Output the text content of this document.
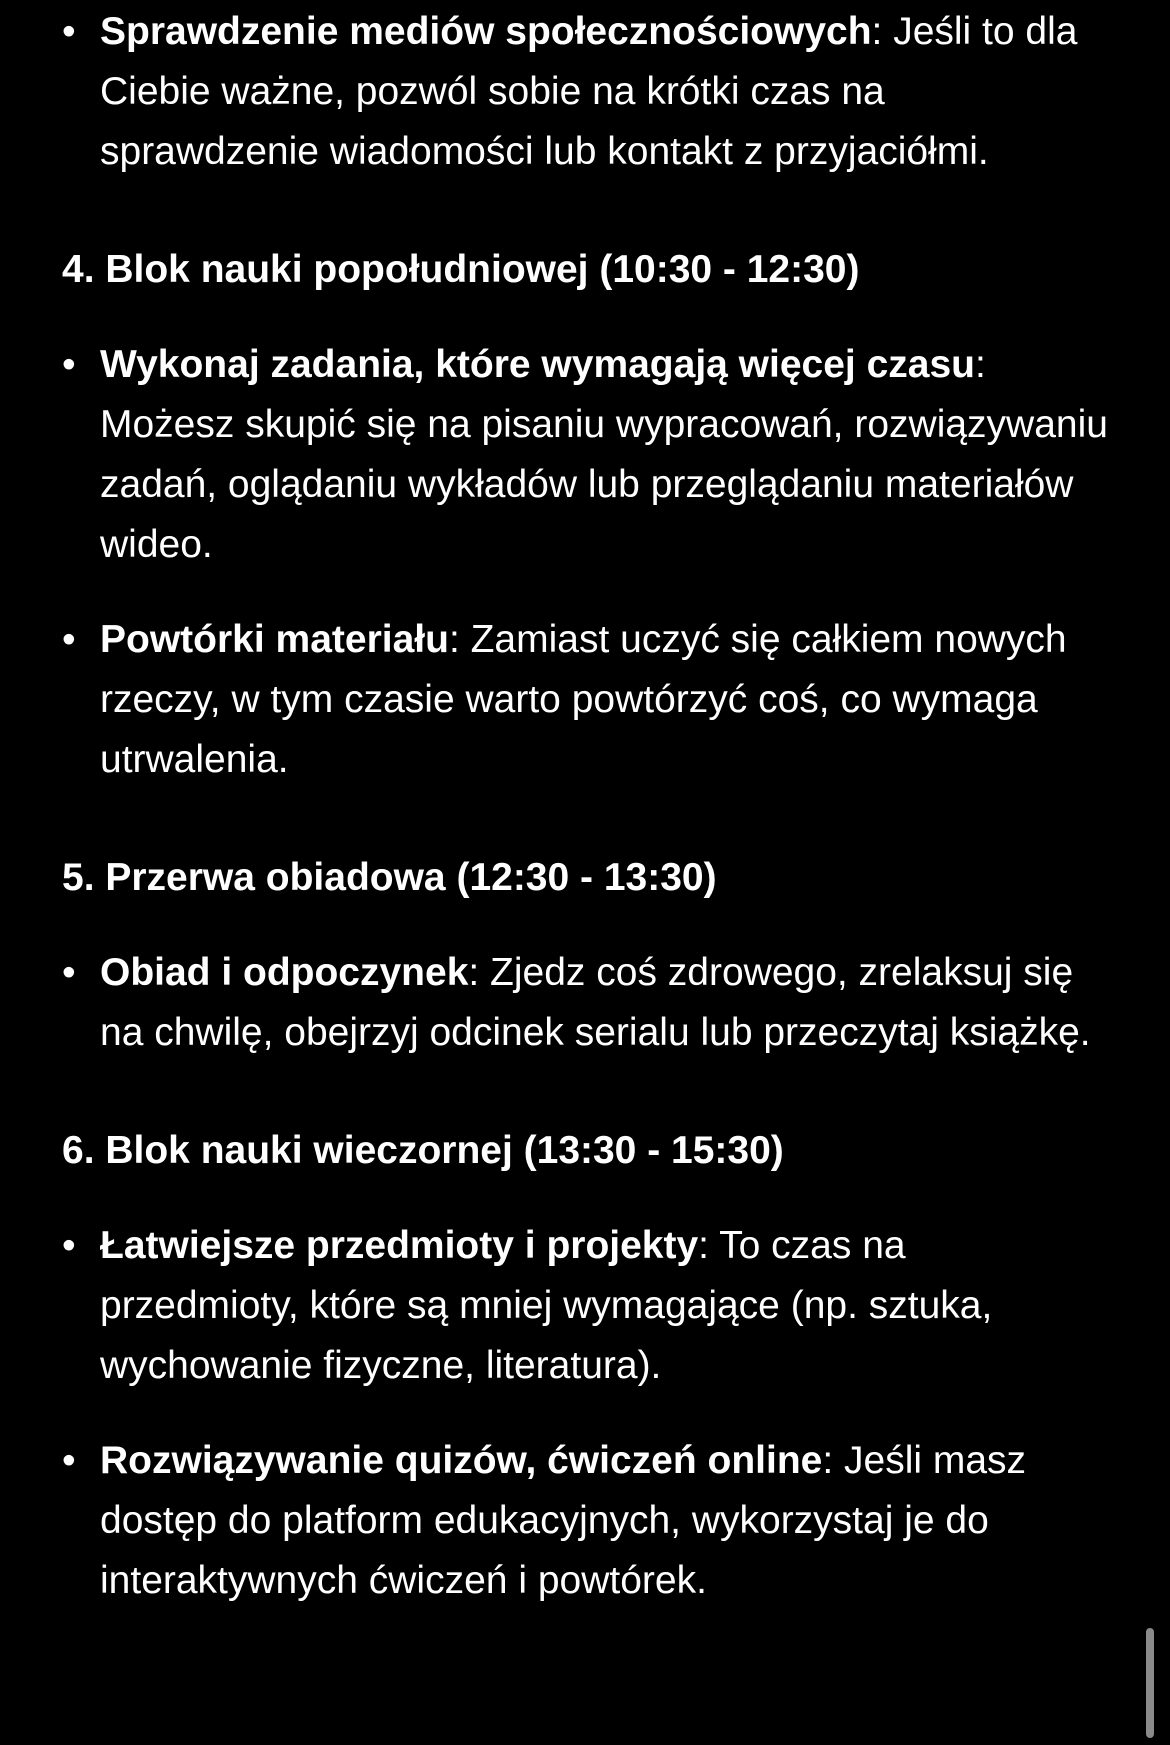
• Sprawdzenie mediów społecznościowych: Jeśli to dla Ciebie ważne, pozwól sobie na krótki czas na sprawdzenie wiadomości lub kontakt z przyjaciółmi.
4. Blok nauki popołudniowej (10:30 - 12:30)
• Wykonaj zadania, które wymagają więcej czasu: Możesz skupić się na pisaniu wypracowań, rozwiązywaniu zadań, oglądaniu wykładów lub przeglądaniu materiałów wideo.
• Powtórki materiału: Zamiast uczyć się całkiem nowych rzeczy, w tym czasie warto powtórzyć coś, co wymaga utrwalenia.
5. Przerwa obiadowa (12:30 - 13:30)
• Obiad i odpoczynek: Zjedz coś zdrowego, zrelaksuj się na chwilę, obejrzyj odcinek serialu lub przeczytaj książkę.
6. Blok nauki wieczornej (13:30 - 15:30)
• Łatwiejsze przedmioty i projekty: To czas na przedmioty, które są mniej wymagające (np. sztuka, wychowanie fizyczne, literatura).
• Rozwiązywanie quizów, ćwiczeń online: Jeśli masz dostęp do platform edukacyjnych, wykorzystaj je do interaktywnych ćwiczeń i powtórek.
